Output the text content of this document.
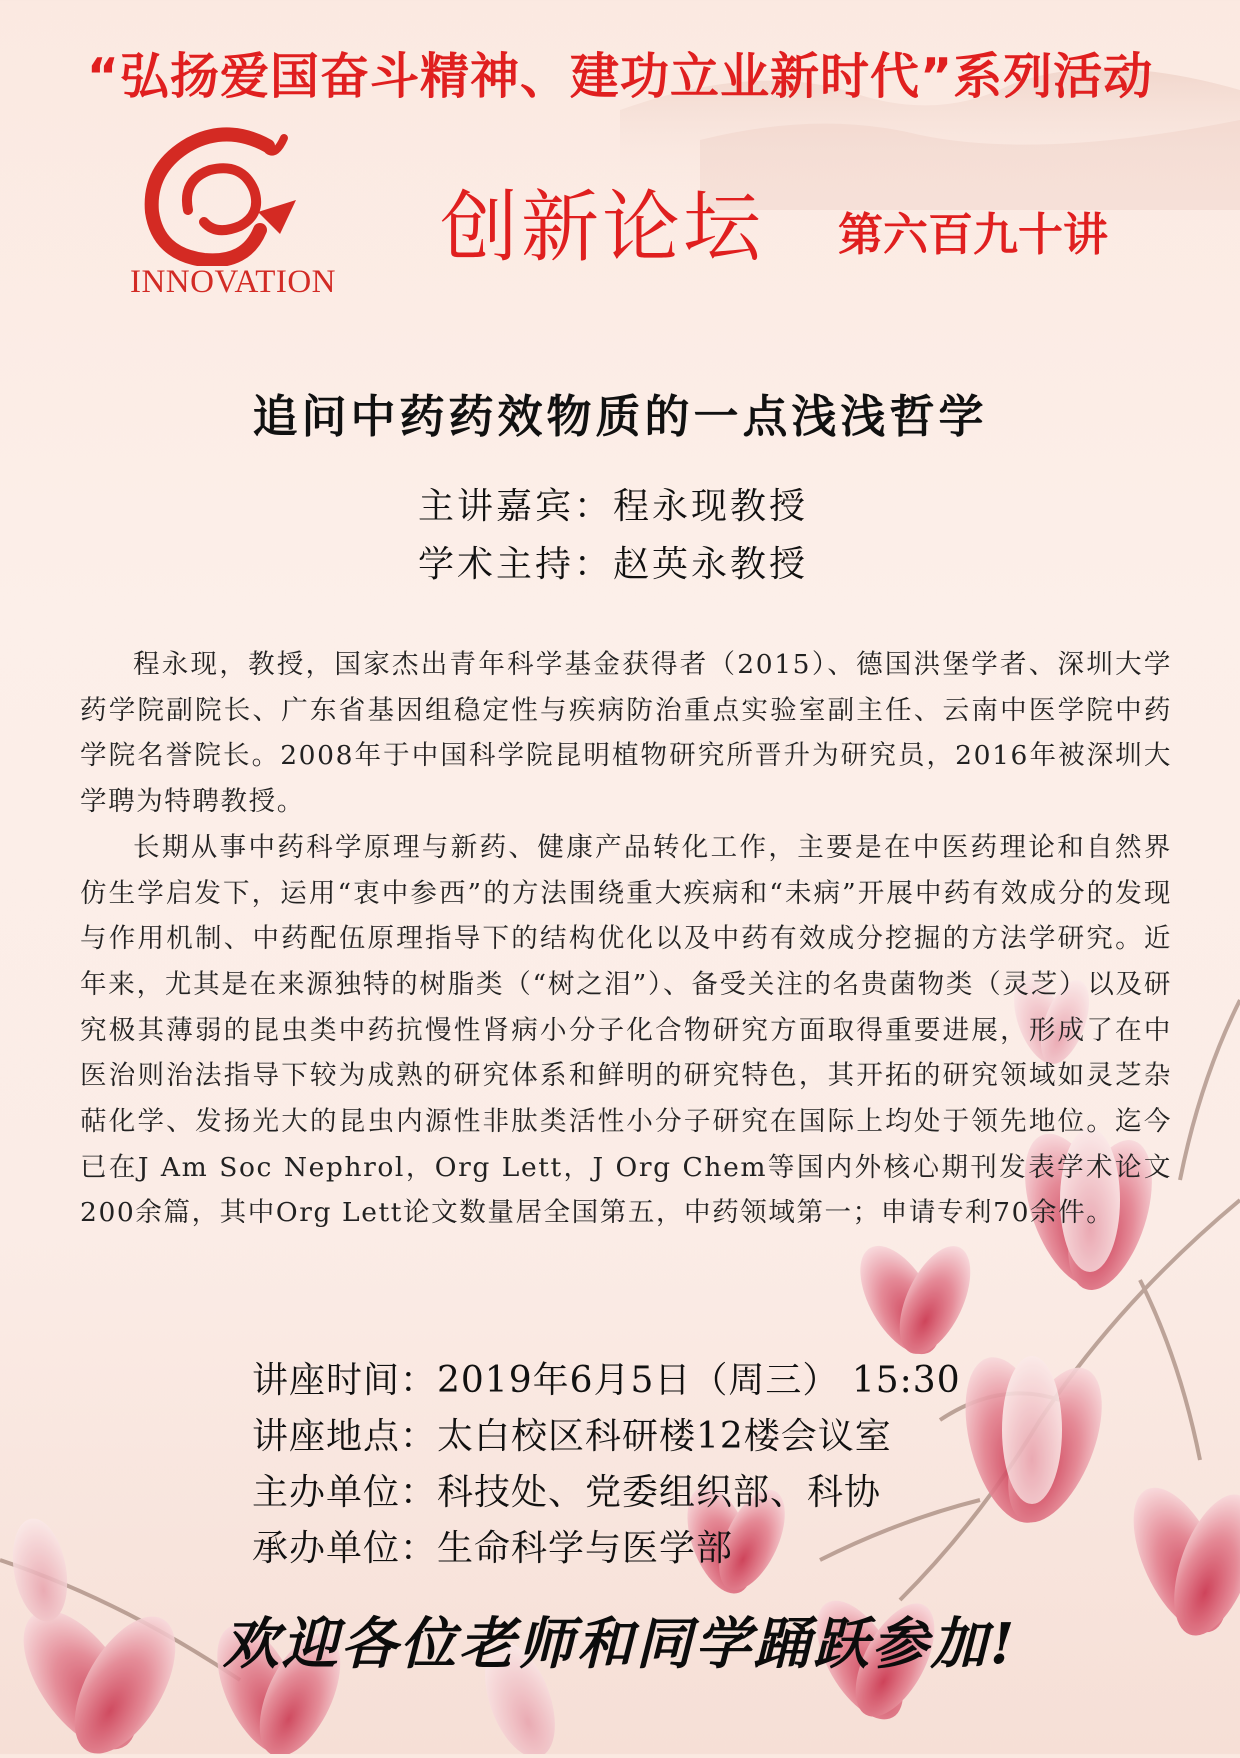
“弘扬爱国奋斗精神、建功立业新时代”系列活动
INNOVATION
创新论坛 第六百九十讲
追问中药药效物质的一点浅浅哲学
主讲嘉宾：程永现教授
学术主持：赵英永教授

程永现，教授，国家杰出青年科学基金获得者（2015）、德国洪堡学者、深圳大学药学院副院长、广东省基因组稳定性与疾病防治重点实验室副主任、云南中医学院中药学院名誉院长。2008年于中国科学院昆明植物研究所晋升为研究员，2016年被深圳大学聘为特聘教授。

长期从事中药科学原理与新药、健康产品转化工作，主要是在中医药理论和自然界仿生学启发下，运用“衷中参西”的方法围绕重大疾病和“未病”开展中药有效成分的发现与作用机制、中药配伍原理指导下的结构优化以及中药有效成分挖掘的方法学研究。近年来，尤其是在来源独特的树脂类（“树之泪”）、备受关注的名贵菌物类（灵芝）以及研究极其薄弱的昆虫类中药抗慢性肾病小分子化合物研究方面取得重要进展，形成了在中医治则治法指导下较为成熟的研究体系和鲜明的研究特色，其开拓的研究领域如灵芝杂萜化学、发扬光大的昆虫内源性非肽类活性小分子研究在国际上均处于领先地位。迄今已在J Am Soc Nephrol，Org Lett，J Org Chem等国内外核心期刊发表学术论文200余篇，其中Org Lett论文数量居全国第五，中药领域第一；申请专利70余件。

讲座时间：2019年6月5日（周三） 15:30
讲座地点：太白校区科研楼12楼会议室
主办单位：科技处、党委组织部、科协
承办单位：生命科学与医学部
欢迎各位老师和同学踊跃参加!
